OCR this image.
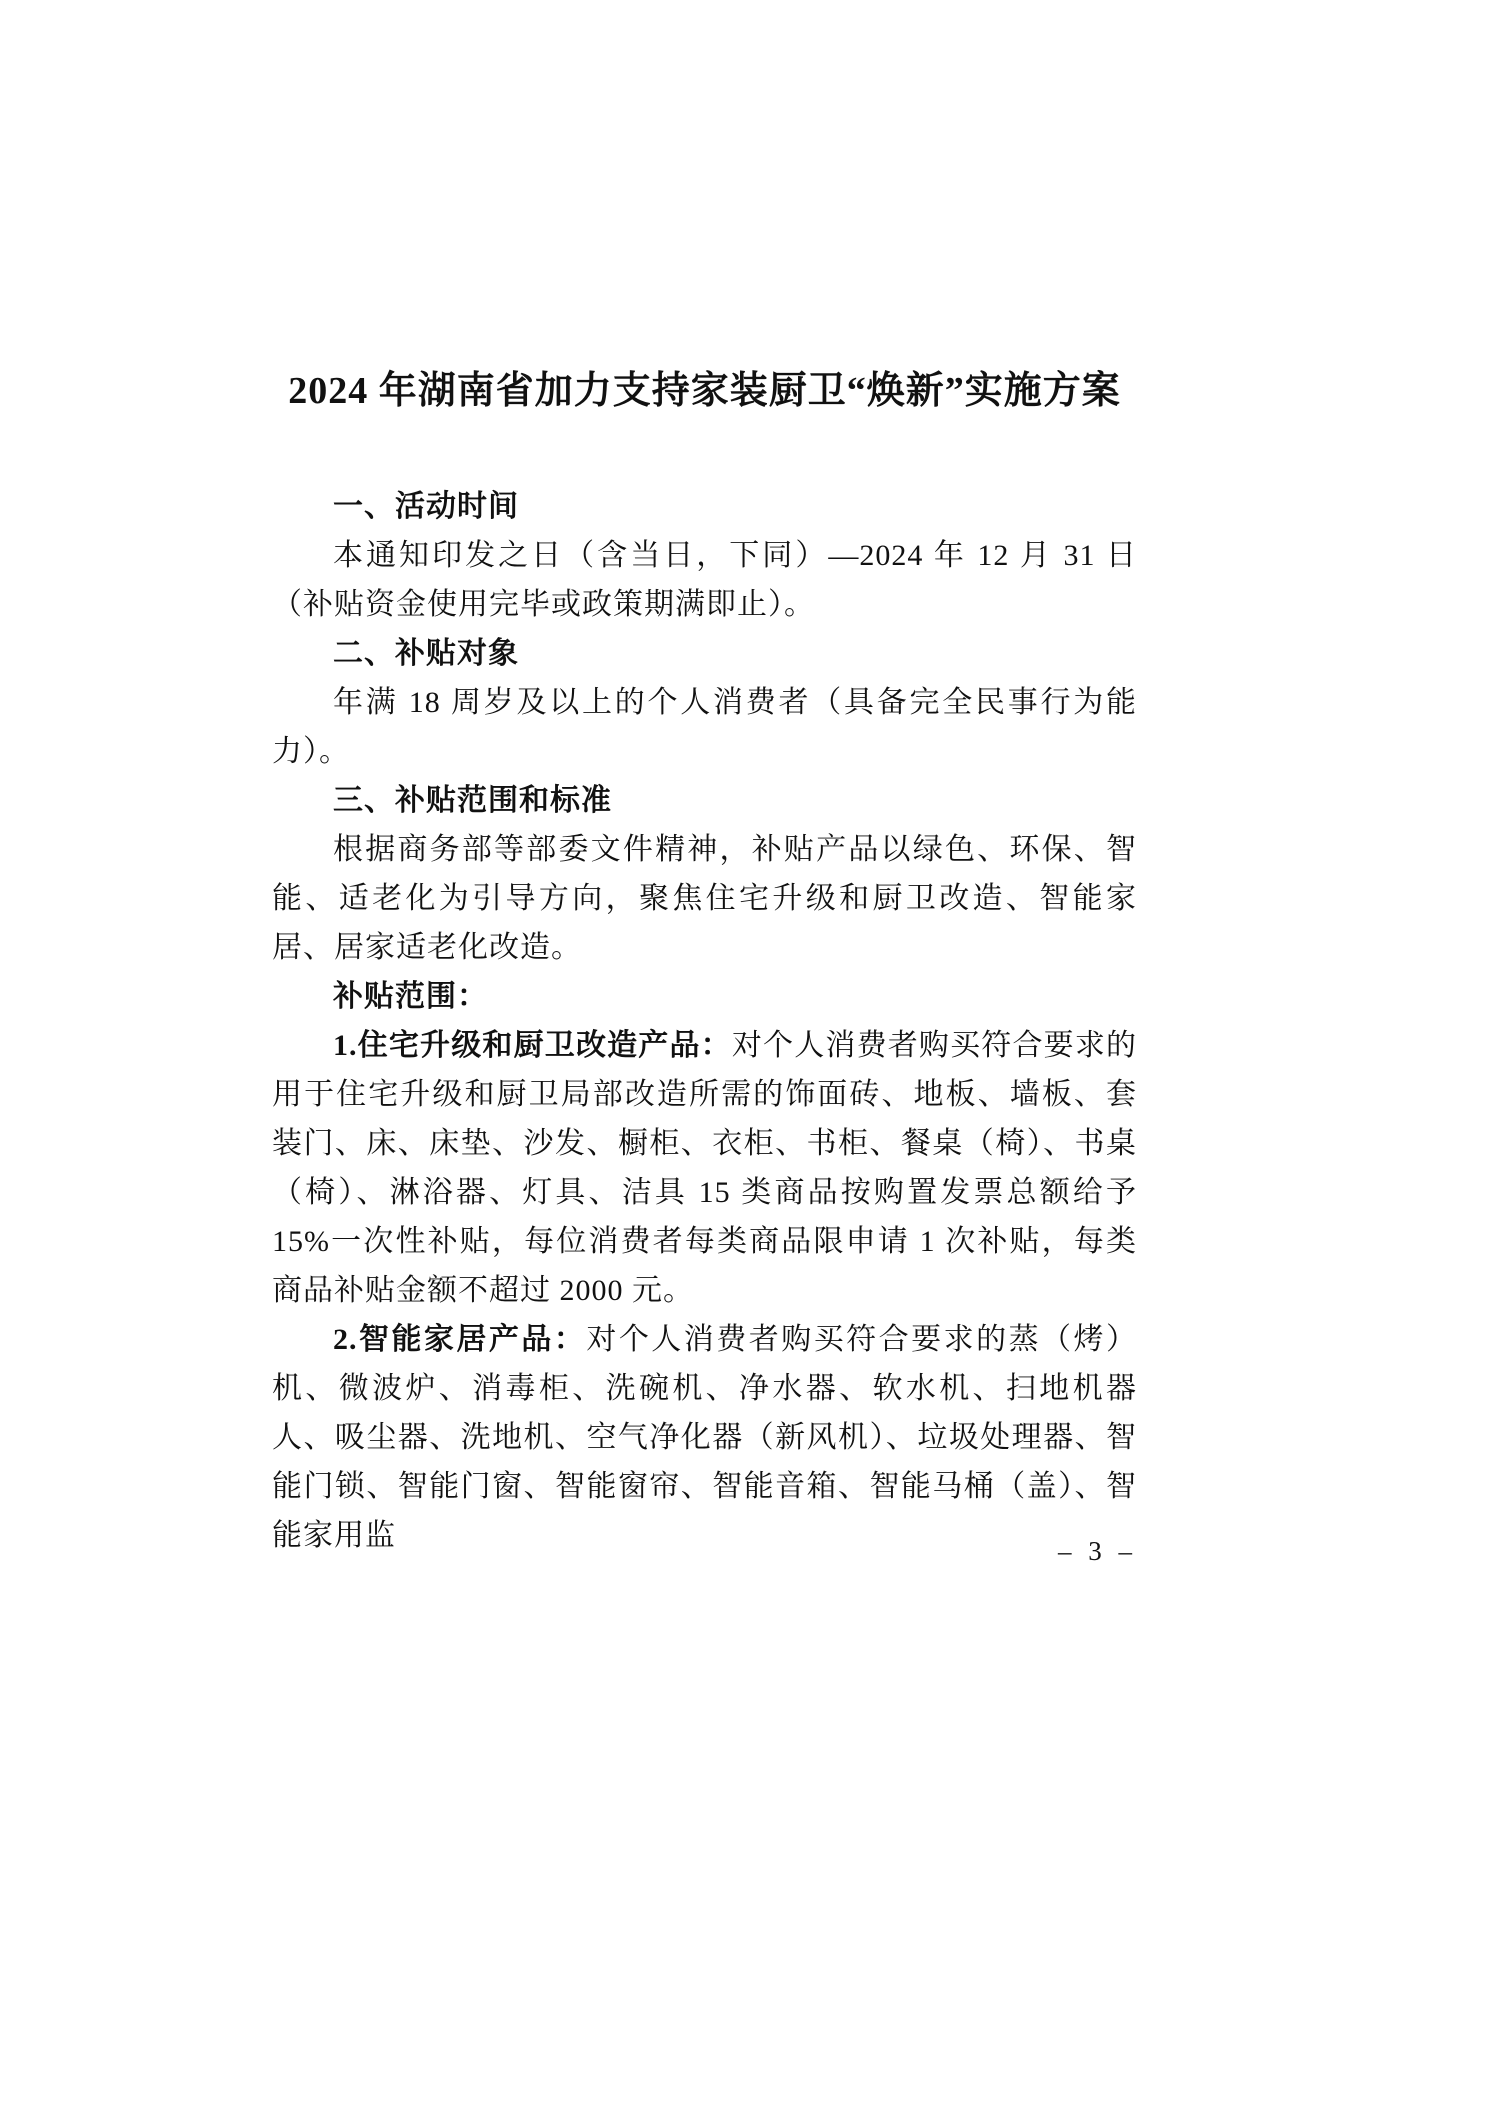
2024 年湖南省加力支持家装厨卫“焕新”实施方案
一、活动时间

本通知印发之日（含当日，下同）—2024 年 12 月 31 日（补贴资金使用完毕或政策期满即止）。

二、补贴对象

年满 18 周岁及以上的个人消费者（具备完全民事行为能力）。

三、补贴范围和标准

根据商务部等部委文件精神，补贴产品以绿色、环保、智能、适老化为引导方向，聚焦住宅升级和厨卫改造、智能家居、居家适老化改造。

补贴范围：

1.住宅升级和厨卫改造产品：对个人消费者购买符合要求的用于住宅升级和厨卫局部改造所需的饰面砖、地板、墙板、套装门、床、床垫、沙发、橱柜、衣柜、书柜、餐桌（椅）、书桌（椅）、淋浴器、灯具、洁具 15 类商品按购置发票总额给予 15%一次性补贴，每位消费者每类商品限申请 1 次补贴，每类商品补贴金额不超过 2000 元。

2.智能家居产品：对个人消费者购买符合要求的蒸（烤）机、微波炉、消毒柜、洗碗机、净水器、软水机、扫地机器人、吸尘器、洗地机、空气净化器（新风机）、垃圾处理器、智能门锁、智能门窗、智能窗帘、智能音箱、智能马桶（盖）、智能家用监	– 3 –
